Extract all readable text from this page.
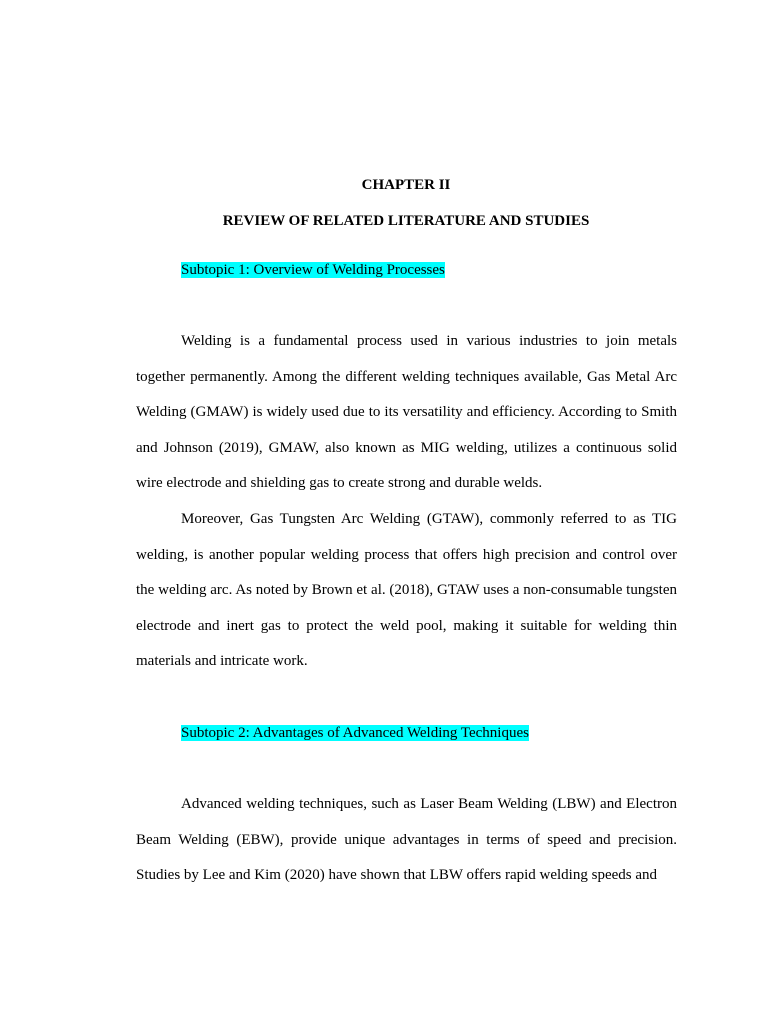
CHAPTER II
REVIEW OF RELATED LITERATURE AND STUDIES

Subtopic 1: Overview of Welding Processes

Welding is a fundamental process used in various industries to join metals together permanently. Among the different welding techniques available, Gas Metal Arc Welding (GMAW) is widely used due to its versatility and efficiency. According to Smith and Johnson (2019), GMAW, also known as MIG welding, utilizes a continuous solid wire electrode and shielding gas to create strong and durable welds.

Moreover, Gas Tungsten Arc Welding (GTAW), commonly referred to as TIG welding, is another popular welding process that offers high precision and control over the welding arc. As noted by Brown et al. (2018), GTAW uses a non-consumable tungsten electrode and inert gas to protect the weld pool, making it suitable for welding thin materials and intricate work.

Subtopic 2: Advantages of Advanced Welding Techniques

Advanced welding techniques, such as Laser Beam Welding (LBW) and Electron Beam Welding (EBW), provide unique advantages in terms of speed and precision. Studies by Lee and Kim (2020) have shown that LBW offers rapid welding speeds and
